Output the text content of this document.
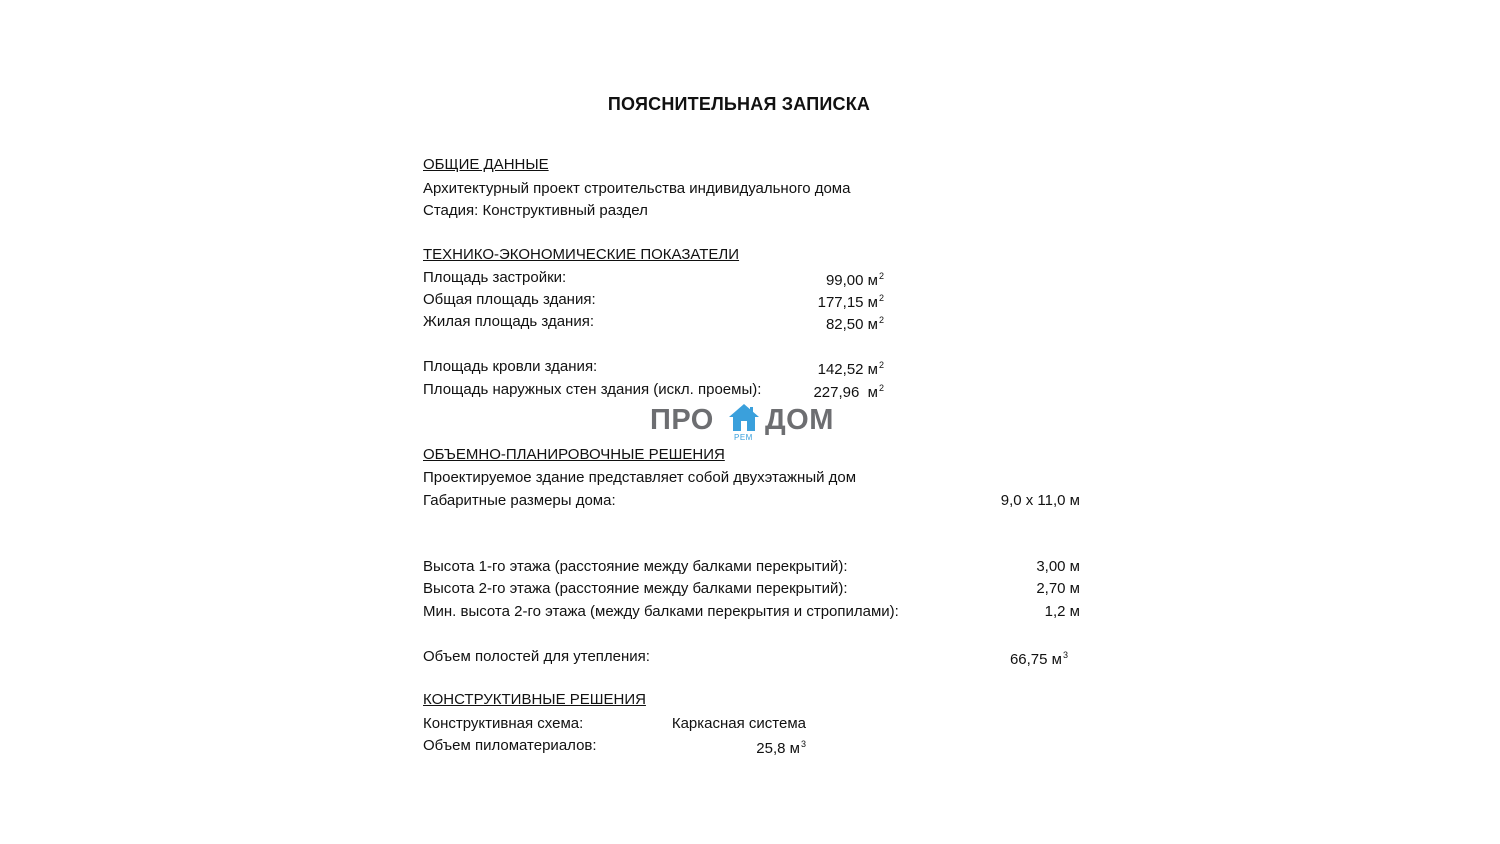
ПОЯСНИТЕЛЬНАЯ ЗАПИСКА
ОБЩИЕ ДАННЫЕ
Архитектурный проект строительства индивидуального дома
Стадия: Конструктивный раздел
ТЕХНИКО-ЭКОНОМИЧЕСКИЕ ПОКАЗАТЕЛИ
Площадь застройки:	99,00 $м^2$
Общая площадь здания:	177,15 $м^2$
Жилая площадь здания:	82,50 $м^2$
Площадь кровли здания:	142,52 $м^2$
Площадь наружных стен здания (искл. проемы):	227,96  $м^2$
ПРО
РЕМ
ДОМ
ОБЪЕМНО-ПЛАНИРОВОЧНЫЕ РЕШЕНИЯ
Проектируемое здание представляет собой двухэтажный дом
Габаритные размеры дома:	9,0 х 11,0 м
Высота 1-го этажа (расстояние между балками перекрытий):	3,00 м
Высота 2-го этажа (расстояние между балками перекрытий):	2,70 м
Мин. высота 2-го этажа (между балками перекрытия и стропилами):	1,2 м
Объем полостей для утепления:	66,75 $м^3$
КОНСТРУКТИВНЫЕ РЕШЕНИЯ
Конструктивная схема:	Каркасная система
Объем пиломатериалов:	25,8 $м^3$
